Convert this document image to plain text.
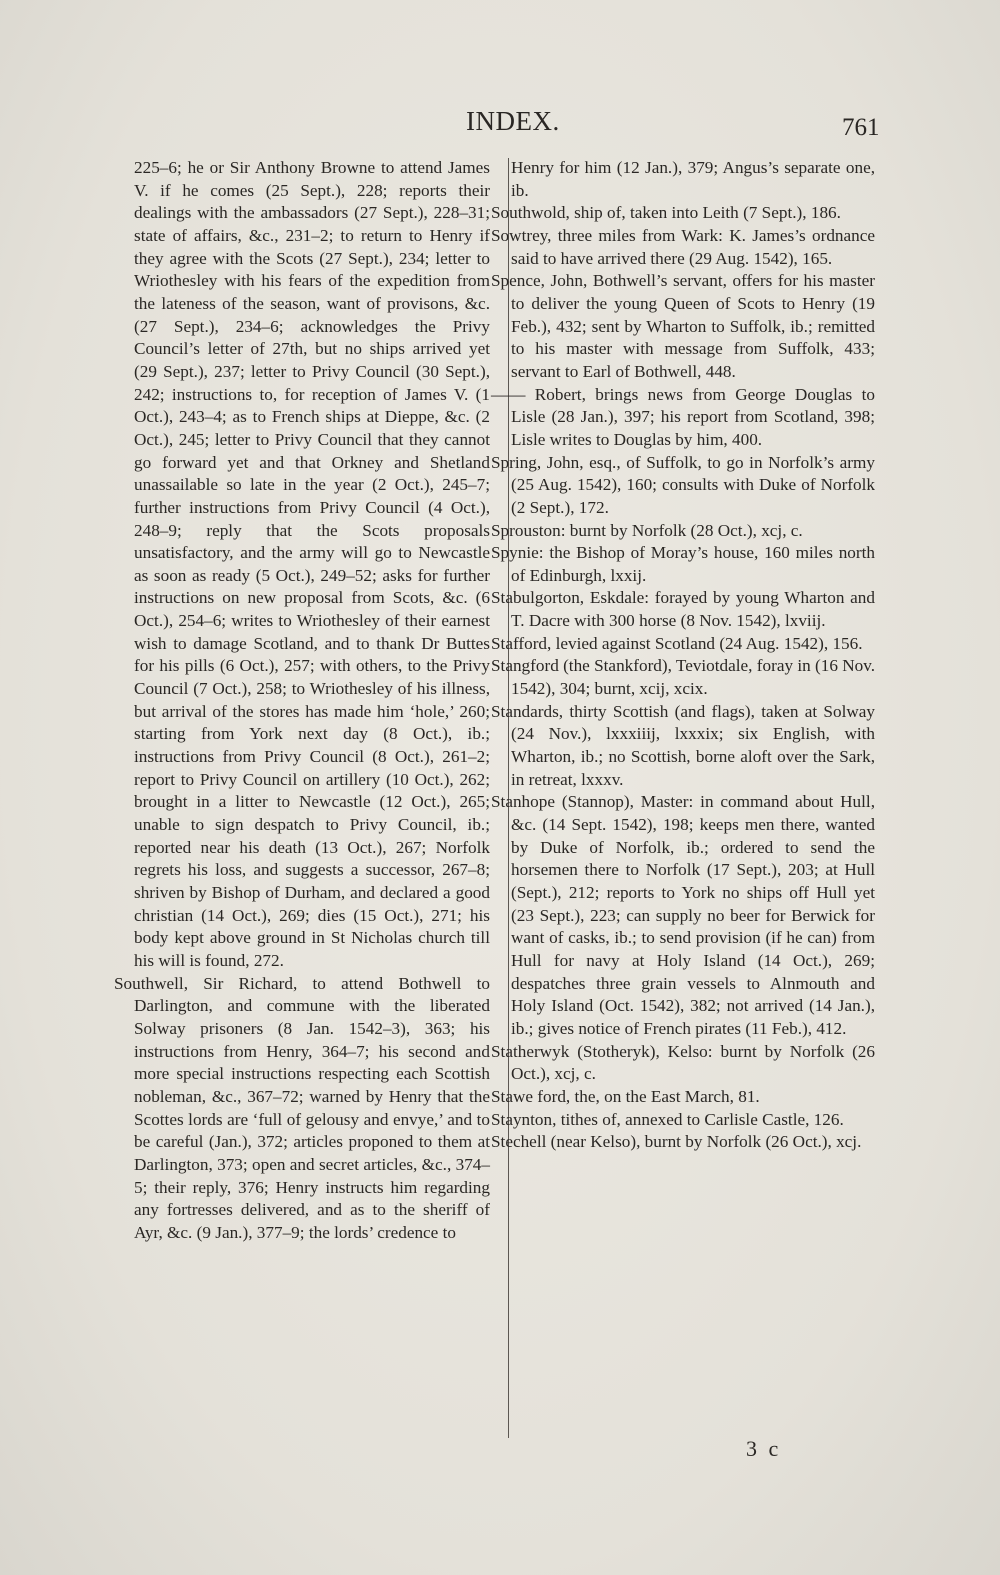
INDEX.	761

225–6; he or Sir Anthony Browne to attend James V. if he comes (25 Sept.), 228; reports their dealings with the ambassadors (27 Sept.), 228–31; state of affairs, &c., 231–2; to return to Henry if they agree with the Scots (27 Sept.), 234; letter to Wriothesley with his fears of the expedition from the lateness of the season, want of provisons, &c. (27 Sept.), 234–6; acknowledges the Privy Council’s letter of 27th, but no ships arrived yet (29 Sept.), 237; letter to Privy Council (30 Sept.), 242; instructions to, for reception of James V. (1 Oct.), 243–4; as to French ships at Dieppe, &c. (2 Oct.), 245; letter to Privy Council that they cannot go forward yet and that Orkney and Shetland unassailable so late in the year (2 Oct.), 245–7; further instructions from Privy Council (4 Oct.), 248–9; reply that the Scots proposals unsatisfactory, and the army will go to Newcastle as soon as ready (5 Oct.), 249–52; asks for further instructions on new proposal from Scots, &c. (6 Oct.), 254–6; writes to Wriothesley of their earnest wish to damage Scotland, and to thank Dr Buttes for his pills (6 Oct.), 257; with others, to the Privy Council (7 Oct.), 258; to Wriothesley of his illness, but arrival of the stores has made him ‘hole,’ 260; starting from York next day (8 Oct.), ib.; instructions from Privy Council (8 Oct.), 261–2; report to Privy Council on artillery (10 Oct.), 262; brought in a litter to Newcastle (12 Oct.), 265; unable to sign despatch to Privy Council, ib.; reported near his death (13 Oct.), 267; Norfolk regrets his loss, and suggests a successor, 267–8; shriven by Bishop of Durham, and declared a good christian (14 Oct.), 269; dies (15 Oct.), 271; his body kept above ground in St Nicholas church till his will is found, 272.

Southwell, Sir Richard, to attend Bothwell to Darlington, and commune with the liberated Solway prisoners (8 Jan. 1542–3), 363; his instructions from Henry, 364–7; his second and more special instructions respecting each Scottish nobleman, &c., 367–72; warned by Henry that the Scottes lords are ‘full of gelousy and envye,’ and to be careful (Jan.), 372; articles proponed to them at Darlington, 373; open and secret articles, &c., 374–5; their reply, 376; Henry instructs him regarding any fortresses delivered, and as to the sheriff of Ayr, &c. (9 Jan.), 377–9; the lords’ credence to

Henry for him (12 Jan.), 379; Angus’s separate one, ib.

Southwold, ship of, taken into Leith (7 Sept.), 186.

Sowtrey, three miles from Wark: K. James’s ordnance said to have arrived there (29 Aug. 1542), 165.

Spence, John, Bothwell’s servant, offers for his master to deliver the young Queen of Scots to Henry (19 Feb.), 432; sent by Wharton to Suffolk, ib.; remitted to his master with message from Suffolk, 433; servant to Earl of Bothwell, 448.

—— Robert, brings news from George Douglas to Lisle (28 Jan.), 397; his report from Scotland, 398; Lisle writes to Douglas by him, 400.

Spring, John, esq., of Suffolk, to go in Norfolk’s army (25 Aug. 1542), 160; consults with Duke of Norfolk (2 Sept.), 172.

Sprouston: burnt by Norfolk (28 Oct.), xcj, c.

Spynie: the Bishop of Moray’s house, 160 miles north of Edinburgh, lxxij.

Stabulgorton, Eskdale: forayed by young Wharton and T. Dacre with 300 horse (8 Nov. 1542), lxviij.

Stafford, levied against Scotland (24 Aug. 1542), 156.

Stangford (the Stankford), Teviotdale, foray in (16 Nov. 1542), 304; burnt, xcij, xcix.

Standards, thirty Scottish (and flags), taken at Solway (24 Nov.), lxxxiiij, lxxxix; six English, with Wharton, ib.; no Scottish, borne aloft over the Sark, in retreat, lxxxv.

Stanhope (Stannop), Master: in command about Hull, &c. (14 Sept. 1542), 198; keeps men there, wanted by Duke of Norfolk, ib.; ordered to send the horsemen there to Norfolk (17 Sept.), 203; at Hull (Sept.), 212; reports to York no ships off Hull yet (23 Sept.), 223; can supply no beer for Berwick for want of casks, ib.; to send provision (if he can) from Hull for navy at Holy Island (14 Oct.), 269; despatches three grain vessels to Alnmouth and Holy Island (Oct. 1542), 382; not arrived (14 Jan.), ib.; gives notice of French pirates (11 Feb.), 412.

Statherwyk (Stotheryk), Kelso: burnt by Norfolk (26 Oct.), xcj, c.

Stawe ford, the, on the East March, 81.

Staynton, tithes of, annexed to Carlisle Castle, 126.

Stechell (near Kelso), burnt by Norfolk (26 Oct.), xcj.

3 c
